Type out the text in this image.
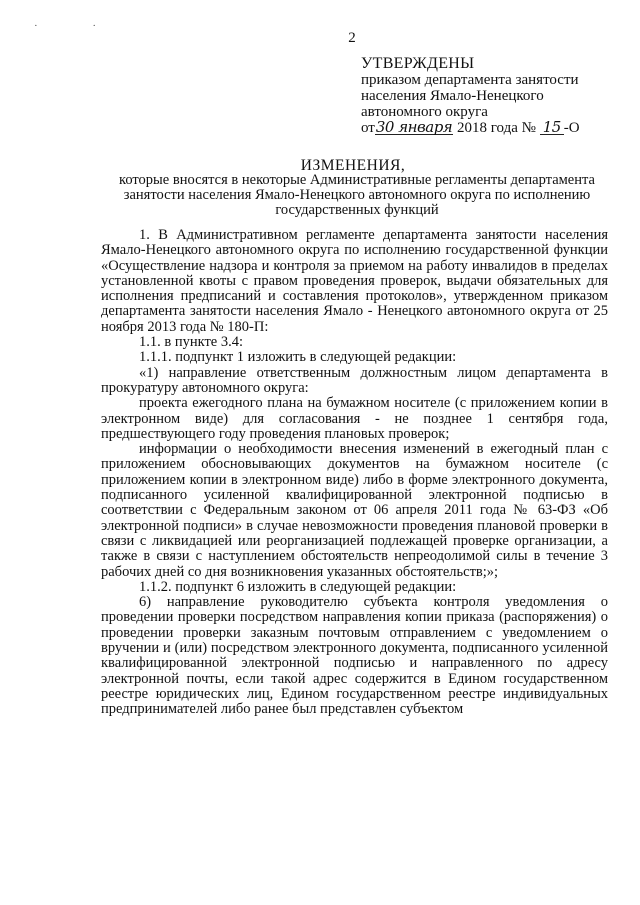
· ·
2
УТВЕРЖДЕНЫ
приказом департамента занятости
населения Ямало-Ненецкого
автономного округа
от30 января 2018 года № 15 -О
ИЗМЕНЕНИЯ,
которые вносятся в некоторые Административные регламенты департамента занятости населения Ямало-Ненецкого автономного округа по исполнению государственных функций

1. В Административном регламенте департамента занятости населения Ямало-Ненецкого автономного округа по исполнению государственной функции «Осуществление надзора и контроля за приемом на работу инвалидов в пределах установленной квоты с правом проведения проверок, выдачи обязательных для исполнения предписаний и составления протоколов», утвержденном приказом департамента занятости населения Ямало - Ненецкого автономного округа от 25 ноября 2013 года № 180-П:

1.1. в пункте 3.4:

1.1.1. подпункт 1 изложить в следующей редакции:

«1) направление ответственным должностным лицом департамента в прокуратуру автономного округа:

проекта ежегодного плана на бумажном носителе (с приложением копии в электронном виде) для согласования - не позднее 1 сентября года, предшествующего году проведения плановых проверок;

информации о необходимости внесения изменений в ежегодный план с приложением обосновывающих документов на бумажном носителе (с приложением копии в электронном виде) либо в форме электронного документа, подписанного усиленной квалифицированной электронной подписью в соответствии с Федеральным законом от 06 апреля 2011 года № 63-ФЗ «Об электронной подписи» в случае невозможности проведения плановой проверки в связи с ликвидацией или реорганизацией подлежащей проверке организации, а также в связи с наступлением обстоятельств непреодолимой силы в течение 3 рабочих дней со дня возникновения указанных обстоятельств;»;

1.1.2. подпункт 6 изложить в следующей редакции:

6) направление руководителю субъекта контроля уведомления о проведении проверки посредством направления копии приказа (распоряжения) о проведении проверки заказным почтовым отправлением с уведомлением о вручении и (или) посредством электронного документа, подписанного усиленной квалифицированной электронной подписью и направленного по адресу электронной почты, если такой адрес содержится в Едином государственном реестре юридических лиц, Едином государственном реестре индивидуальных предпринимателей либо ранее был представлен субъектом
